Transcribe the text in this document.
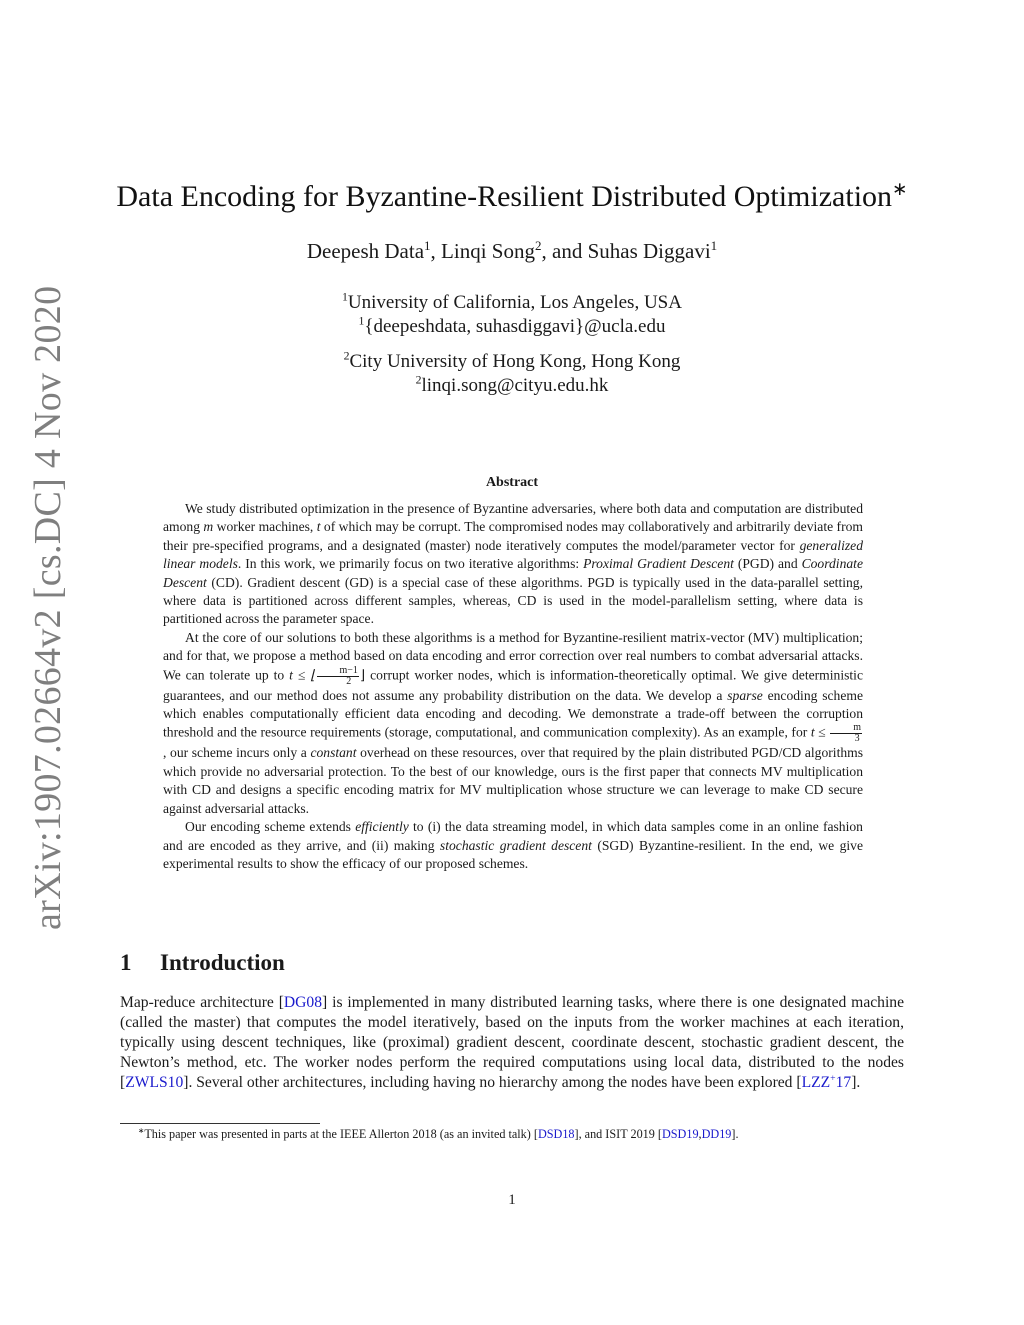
arXiv:1907.02664v2 [cs.DC] 4 Nov 2020
Data Encoding for Byzantine-Resilient Distributed Optimization∗
Deepesh Data$^1$, Linqi Song$^2$, and Suhas Diggavi$^1$
$^1$University of California, Los Angeles, USA
$^1${deepeshdata, suhasdiggavi}@ucla.edu
$^2$City University of Hong Kong, Hong Kong
$^2$linqi.song@cityu.edu.hk
Abstract

We study distributed optimization in the presence of Byzantine adversaries, where both data and computation are distributed among m worker machines, t of which may be corrupt. The compromised nodes may collaboratively and arbitrarily deviate from their pre-specified programs, and a designated (master) node iteratively computes the model/parameter vector for generalized linear models. In this work, we primarily focus on two iterative algorithms: Proximal Gradient Descent (PGD) and Coordinate Descent (CD). Gradient descent (GD) is a special case of these algorithms. PGD is typically used in the data-parallel setting, where data is partitioned across different samples, whereas, CD is used in the model-parallelism setting, where data is partitioned across the parameter space.

At the core of our solutions to both these algorithms is a method for Byzantine-resilient matrix-vector (MV) multiplication; and for that, we propose a method based on data encoding and error correction over real numbers to combat adversarial attacks. We can tolerate up to t ≤ ⌊ $\frac{m-1}{2}$ ⌋ corrupt worker nodes, which is information-theoretically optimal. We give deterministic guarantees, and our method does not assume any probability distribution on the data. We develop a sparse encoding scheme which enables computationally efficient data encoding and decoding. We demonstrate a trade-off between the corruption threshold and the resource requirements (storage, computational, and communication complexity). As an example, for $t \le \frac{m}{3}$
, our scheme incurs only a constant overhead on these resources, over that required by the plain distributed PGD/CD algorithms which provide no adversarial protection. To the best of our knowledge, ours is the first paper that connects MV multiplication with CD and designs a specific encoding matrix for MV multiplication whose structure we can leverage to make CD secure against adversarial attacks.

Our encoding scheme extends efficiently to (i) the data streaming model, in which data samples come in an online fashion and are encoded as they arrive, and (ii) making stochastic gradient descent (SGD) Byzantine-resilient. In the end, we give experimental results to show the efficacy of our proposed schemes.

1 Introduction

Map-reduce architecture [DG08] is implemented in many distributed learning tasks, where there is one designated machine (called the master) that computes the model iteratively, based on the inputs from the worker machines at each iteration, typically using descent techniques, like (proximal) gradient descent, coordinate descent, stochastic gradient descent, the Newton’s method, etc. The worker nodes perform the required computations using local data, distributed to the nodes [ZWLS10]. Several other architectures, including having no hierarchy among the nodes have been explored [LZZ+17].

∗This paper was presented in parts at the IEEE Allerton 2018 (as an invited talk) [DSD18], and ISIT 2019 [DSD19,DD19].
1
